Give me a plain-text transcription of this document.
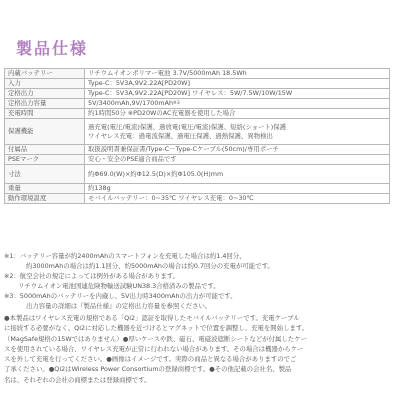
製品仕様
内蔵バッテリー	リチウムイオンポリマー電池 3.7V/5000mAh 18.5Wh
入力	Type-C：5V3A,9V2.22A[PD20W]
定格出力	Type-C：5V3A,9V2.22A[PD20W] ワイヤレス：5W/7.5W/10W/15W
定格出力容量	5V/3400mAh,9V/1700mAh$^{※3}$
充電時間	約1時間50分 ※PD20WのAC充電器を使用した場合
保護機能	過充電(電圧/電流)保護、過放電(電圧/電流)保護、短絡(ショート)保護
ワイヤレス充電：過電流保護、過電圧保護、過熱保護、異物検出

付属品	取扱説明書兼保証書/Type-C－Type-Cケーブル(50cm)/専用ポーチ
PSEマーク	安心・安全のPSE適合商品です
寸法	約Φ69.0(W)×約Φ12.5(D)×約Φ105.0(H)mm
重量	約138g
動作環境温度	モバイルバッテリー：0~35℃ ワイヤレス充電：0~30℃
※1：バッテリー容量が約2400mAhのスマートフォンを充電した場合は約1.4回分、
約3000mAhの場合は約1.1回分、約5000mAhの場合は約0.7回分の充電が可能です。
※2：航空会社の規定によっては例外がある場合があります。
リチウムイオン電池国連危険物輸送試験UN38.3合格済みの製品です。
※3：5000mAhのバッテリーを内蔵し、5V出力時3400mAhの出力が可能です。
出力容量の詳細は『製品仕様』の定格出力容量を参照ください。
●本製品はワイヤレス充電の規格である「Qi2」認証を取得したモバイルバッテリーです。充電ケーブル
に接続する必要がなく、Qi2に対応した機器を近づけるとマグネットで位置を調整し、充電を開始します。
（MagSafe規格の15Wではありません）●厚いケースや鉄、磁石、電磁波遮断シートなどが付属したケー
スを使用されている場合、ワイヤレス充電が正常に行われない場合があります。その場合は機器からケー
スを外して充電を行ってください。●画像はイメージです。実際の商品と異なる場合がありますのでご
了承ください。●Qi2はWireless Power Consortiumの登録商標です。●その他記載の会社名、製品
名は、それぞれの会社の商標または登録商標です。
